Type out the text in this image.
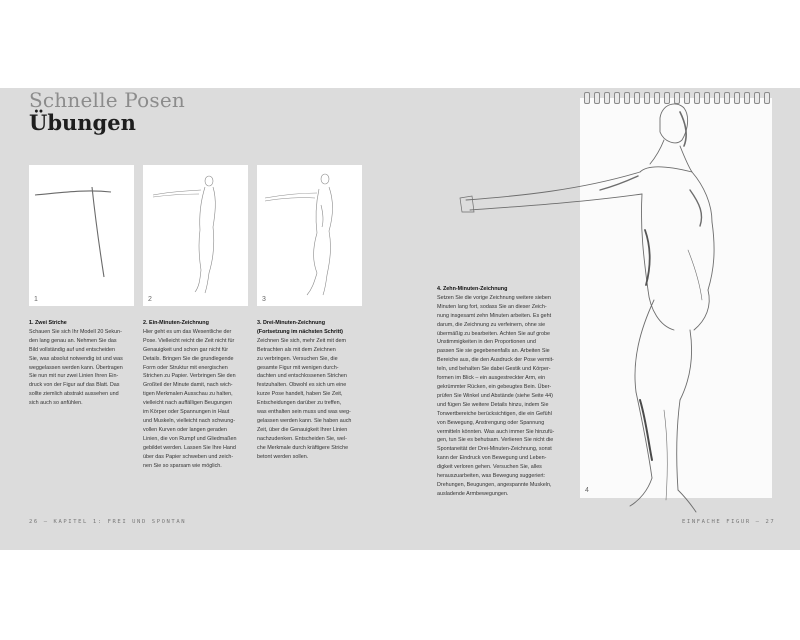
Schnelle Posen
Übungen
1	2	3
1. Zwei Striche
Schauen Sie sich Ihr Modell 20 Sekun-
den lang genau an. Nehmen Sie das
Bild vollständig auf und entscheiden
Sie, was absolut notwendig ist und was
weggelassen werden kann. Übertragen
Sie nun mit nur zwei Linien Ihren Ein-
druck von der Figur auf das Blatt. Das
sollte ziemlich abstrakt aussehen und
sich auch so anfühlen.
2. Ein-Minuten-Zeichnung
Hier geht es um das Wesentliche der
Pose. Vielleicht reicht die Zeit nicht für
Genauigkeit und schon gar nicht für
Details. Bringen Sie die grundlegende
Form oder Struktur mit energischen
Strichen zu Papier. Verbringen Sie den
Großteil der Minute damit, nach wich-
tigen Merkmalen Ausschau zu halten,
vielleicht nach auffälligen Beugungen
im Körper oder Spannungen in Haut
und Muskeln, vielleicht nach schwung-
vollen Kurven oder langen geraden
Linien, die von Rumpf und Gliedmaßen
gebildet werden. Lassen Sie Ihre Hand
über das Papier schweben und zeich-
nen Sie so sparsam wie möglich.
3. Drei-Minuten-Zeichnung
(Fortsetzung im nächsten Schritt)
Zeichnen Sie sich, mehr Zeit mit dem
Betrachten als mit dem Zeichnen
zu verbringen. Versuchen Sie, die
gesamte Figur mit wenigen durch-
dachten und entschlossenen Strichen
festzuhalten. Obwohl es sich um eine
kurze Pose handelt, haben Sie Zeit,
Entscheidungen darüber zu treffen,
was enthalten sein muss und was weg-
gelassen werden kann. Sie haben auch
Zeit, über die Genauigkeit Ihrer Linien
nachzudenken. Entscheiden Sie, wel-
che Merkmale durch kräftigere Striche
betont werden sollen.
4
4. Zehn-Minuten-Zeichnung
Setzen Sie die vorige Zeichnung weitere sieben
Minuten lang fort, sodass Sie an dieser Zeich-
nung insgesamt zehn Minuten arbeiten. Es geht
darum, die Zeichnung zu verfeinern, ohne sie
übermäßig zu bearbeiten. Achten Sie auf grobe
Unstimmigkeiten in den Proportionen und
passen Sie sie gegebenenfalls an. Arbeiten Sie
Bereiche aus, die den Ausdruck der Pose vermit-
teln, und behalten Sie dabei Gestik und Körper-
formen im Blick – ein ausgestreckter Arm, ein
gekrümmter Rücken, ein gebeugtes Bein. Über-
prüfen Sie Winkel und Abstände (siehe Seite 44)
und fügen Sie weitere Details hinzu, indem Sie
Tonwertbereiche berücksichtigen, die ein Gefühl
von Bewegung, Anstrengung oder Spannung
vermitteln könnten. Was auch immer Sie hinzufü-
gen, tun Sie es behutsam. Verlieren Sie nicht die
Spontaneität der Drei-Minuten-Zeichnung, sonst
kann der Eindruck von Bewegung und Leben-
digkeit verloren gehen. Versuchen Sie, alles
herauszuarbeiten, was Bewegung suggeriert:
Drehungen, Beugungen, angespannte Muskeln,
ausladende Armbewegungen.
26 — KAPITEL 1: FREI UND SPONTAN	EINFACHE FIGUR — 27
